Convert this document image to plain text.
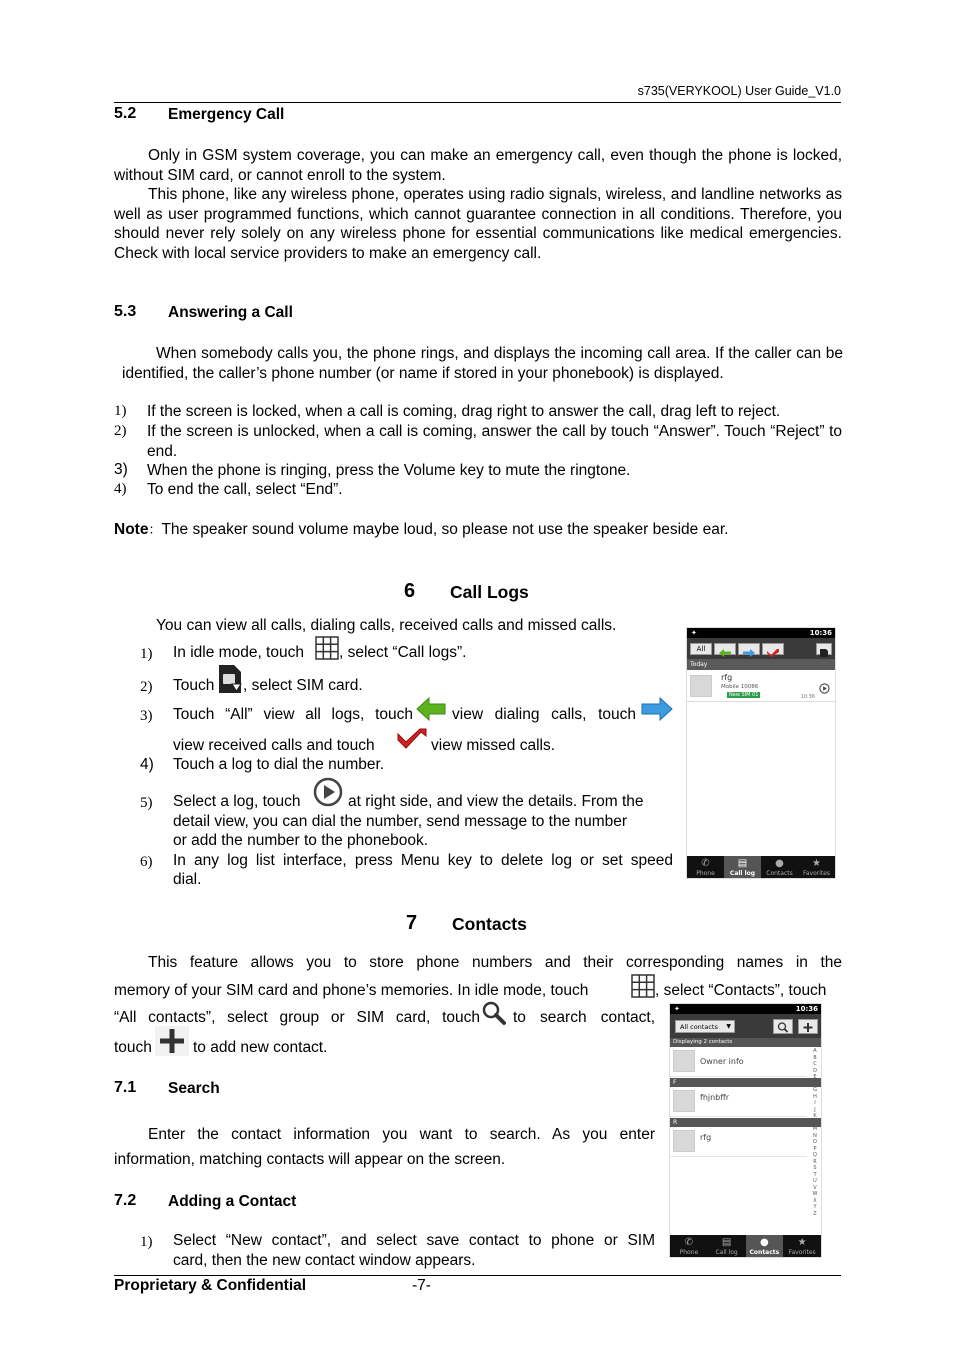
s735(VERYKOOL) User Guide_V1.0
5.2 Emergency Call
Only in GSM system coverage, you can make an emergency call, even though the phone is locked, without SIM card, or cannot enroll to the system.
This phone, like any wireless phone, operates using radio signals, wireless, and landline networks as well as user programmed functions, which cannot guarantee connection in all conditions. Therefore, you should never rely solely on any wireless phone for essential communications like medical emergencies. Check with local service providers to make an emergency call.
5.3 Answering a Call
When somebody calls you, the phone rings, and displays the incoming call area. If the caller can be identified, the caller’s phone number (or name if stored in your phonebook) is displayed.
1) If the screen is locked, when a call is coming, drag right to answer the call, drag left to reject.
2) If the screen is unlocked, when a call is coming, answer the call by touch “Answer”. Touch “Reject” to end.
3) When the phone is ringing, press the Volume key to mute the ringtone.
4) To end the call, select “End”.
Note：The speaker sound volume maybe loud, so please not use the speaker beside ear.
6 Call Logs
You can view all calls, dialing calls, received calls and missed calls.
1) In idle mode, touch , select “Call logs”.
2) Touch , select SIM card.
3) Touch “All” view all logs, touch	view dialing calls, touch
view received calls and touch	view missed calls.
4) Touch a log to dial the number.
5) Select a log, touch	at right side, and view the details. From the
detail view, you can dial the number, send message to the number
or add the number to the phonebook.
6) In any log list interface, press Menu key to delete log or set speed
dial.
✦	10:36
All
Today
rfg
Mobile 10086
New SIM 01	10:36
✆
Phone
▤
Call log
●
Contacts
★
Favorites
7 Contacts
This feature allows you to store phone numbers and their corresponding names in the
memory of your SIM card and phone’s memories. In idle mode, touch	, select “Contacts”, touch
“All contacts”, select group or SIM card, touch to search contact,
touch	to add new contact.
✦	10:36
All contacts ▼
Displaying 2 contacts
Owner info
F
fhjnbffr
R
rfg
A
B
C
D
E
F
G
H
I
J
K
L
M
N
O
P
Q
R
S
T
U
V
W
X
Y
Z
✆
Phone
▤
Call log
●
Contacts
★
Favorites
7.1 Search
Enter the contact information you want to search. As you enter
information, matching contacts will appear on the screen.
7.2 Adding a Contact
1) Select “New contact”, and select save contact to phone or SIM
card, then the new contact window appears.
Proprietary & Confidential	-7-
